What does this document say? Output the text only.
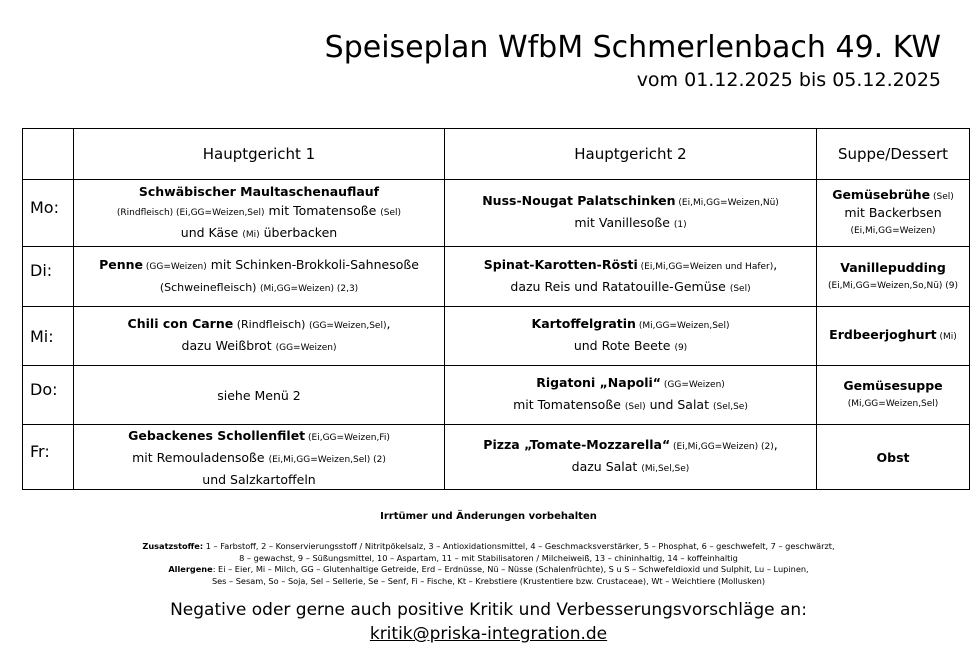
Speiseplan WfbM Schmerlenbach 49. KW
vom 01.12.2025 bis 05.12.2025
	Hauptgericht 1	Hauptgericht 2	Suppe/Dessert
Mo:	Schwäbischer Maultaschenauflauf
(Rindfleisch) (Ei,GG=Weizen,Sel) mit Tomatensoße (Sel)
und Käse (Mi) überbacken	Nuss-Nougat Palatschinken (Ei,Mi,GG=Weizen,Nü)
mit Vanillesoße (1)	Gemüsebrühe (Sel)
mit Backerbsen
(Ei,Mi,GG=Weizen)
Di:	Penne (GG=Weizen) mit Schinken-Brokkoli-Sahnesoße
(Schweinefleisch) (Mi,GG=Weizen) (2,3)	Spinat-Karotten-Rösti (Ei,Mi,GG=Weizen und Hafer),
dazu Reis und Ratatouille-Gemüse (Sel)	Vanillepudding
(Ei,Mi,GG=Weizen,So,Nü) (9)
Mi:	Chili con Carne (Rindfleisch) (GG=Weizen,Sel),
dazu Weißbrot (GG=Weizen)	Kartoffelgratin (Mi,GG=Weizen,Sel)
und Rote Beete (9)	Erdbeerjoghurt (Mi)
Do:	siehe Menü 2	Rigatoni „Napoli“ (GG=Weizen)
mit Tomatensoße (Sel) und Salat (Sel,Se)	Gemüsesuppe
(Mi,GG=Weizen,Sel)
Fr:	Gebackenes Schollenfilet (Ei,GG=Weizen,Fi)
mit Remouladensoße (Ei,Mi,GG=Weizen,Sel) (2)
und Salzkartoffeln	Pizza „Tomate-Mozzarella“ (Ei,Mi,GG=Weizen) (2),
dazu Salat (Mi,Sel,Se)	Obst
Irrtümer und Änderungen vorbehalten
Zusatzstoffe: 1 – Farbstoff, 2 – Konservierungsstoff / Nitritpökelsalz, 3 – Antioxidationsmittel, 4 – Geschmacksverstärker, 5 – Phosphat, 6 – geschwefelt, 7 – geschwärzt,
8 – gewachst, 9 – Süßungsmittel, 10 – Aspartam, 11 – mit Stabilisatoren / Milcheiweiß, 13 – chininhaltig, 14 – koffeinhaltig
Allergene: Ei – Eier, Mi – Milch, GG – Glutenhaltige Getreide, Erd – Erdnüsse, Nü – Nüsse (Schalenfrüchte), S u S – Schwefeldioxid und Sulphit, Lu – Lupinen,
Ses – Sesam, So – Soja, Sel – Sellerie, Se – Senf, Fi – Fische, Kt – Krebstiere (Krustentiere bzw. Crustaceae), Wt – Weichtiere (Mollusken)
Negative oder gerne auch positive Kritik und Verbesserungsvorschläge an:
kritik@priska-integration.de
